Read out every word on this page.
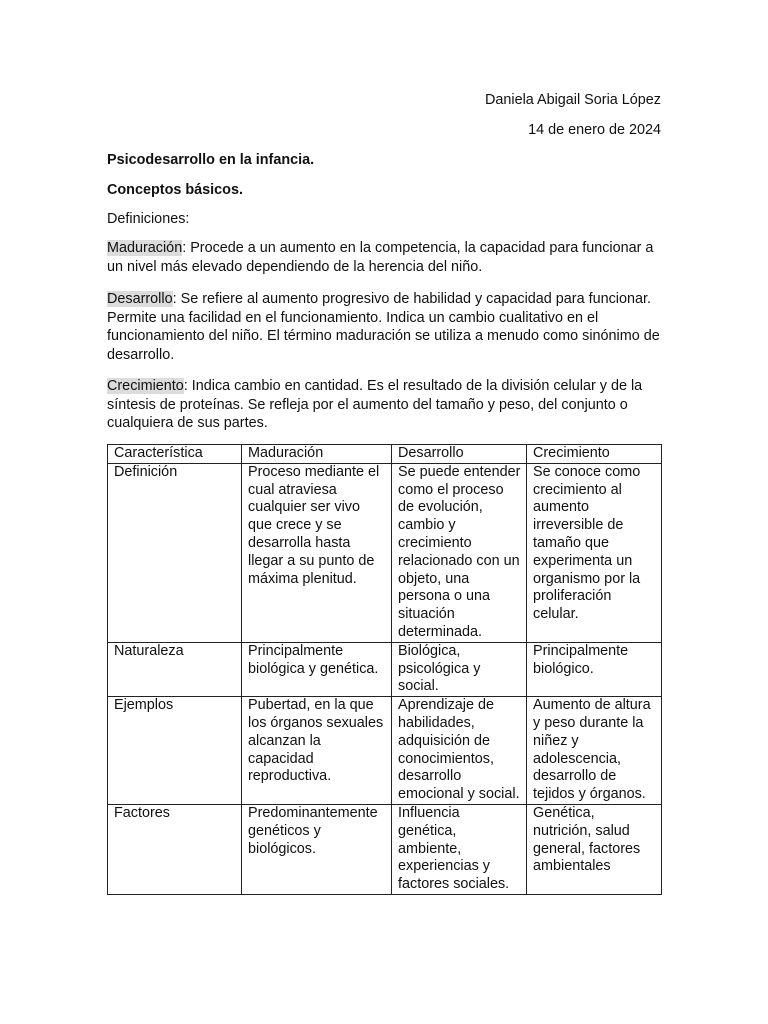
Daniela Abigail Soria López
14 de enero de 2024
Psicodesarrollo en la infancia.
Conceptos básicos.
Definiciones:

Maduración: Procede a un aumento en la competencia, la capacidad para funcionar a un nivel más elevado dependiendo de la herencia del niño.

Desarrollo: Se refiere al aumento progresivo de habilidad y capacidad para funcionar. Permite una facilidad en el funcionamiento. Indica un cambio cualitativo en el funcionamiento del niño. El término maduración se utiliza a menudo como sinónimo de desarrollo.

Crecimiento: Indica cambio en cantidad. Es el resultado de la división celular y de la síntesis de proteínas. Se refleja por el aumento del tamaño y peso, del conjunto o cualquiera de sus partes.

Característica	Maduración	Desarrollo	Crecimiento
Definición	Proceso mediante el cual atraviesa cualquier ser vivo que crece y se desarrolla hasta llegar a su punto de máxima plenitud.	Se puede entender como el proceso de evolución, cambio y crecimiento relacionado con un objeto, una persona o una situación determinada.	Se conoce como crecimiento al aumento irreversible de tamaño que experimenta un organismo por la proliferación celular.
Naturaleza	Principalmente biológica y genética.	Biológica, psicológica y social.	Principalmente biológico.
Ejemplos	Pubertad, en la que los órganos sexuales alcanzan la capacidad reproductiva.	Aprendizaje de habilidades, adquisición de conocimientos, desarrollo emocional y social.	Aumento de altura y peso durante la niñez y adolescencia, desarrollo de tejidos y órganos.
Factores	Predominantemente genéticos y biológicos.	Influencia genética, ambiente, experiencias y factores sociales.	Genética, nutrición, salud general, factores ambientales
